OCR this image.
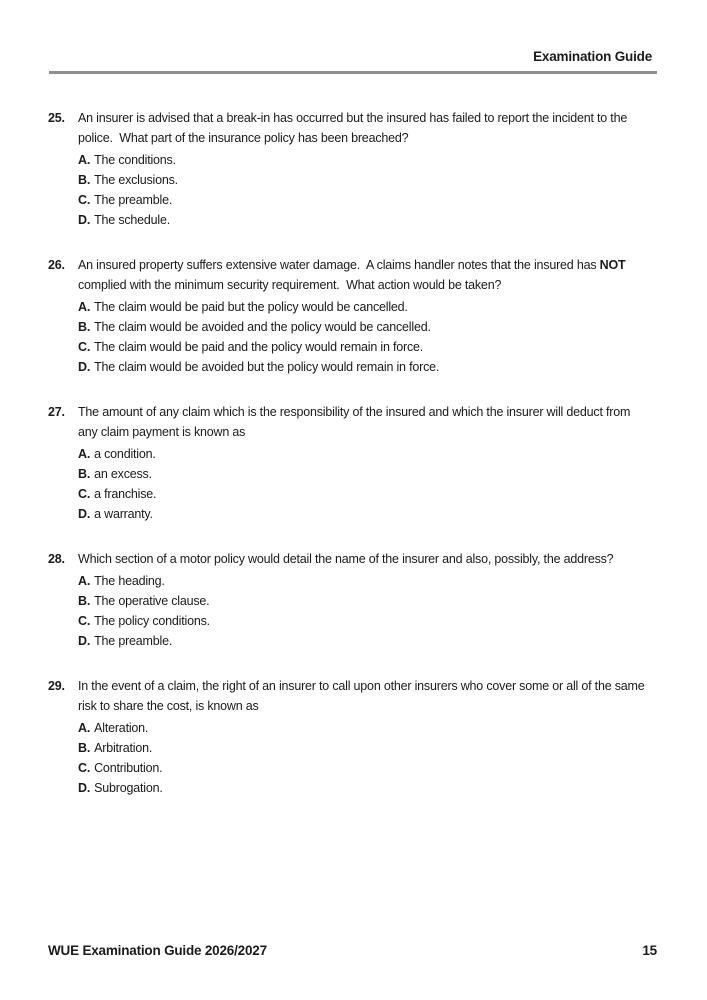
Examination Guide
25.	An insurer is advised that a break-in has occurred but the insured has failed to report the incident to the police.  What part of the insurance policy has been breached?
A. The conditions.
B. The exclusions.
C. The preamble.
D. The schedule.
26.	An insured property suffers extensive water damage.  A claims handler notes that the insured has NOT complied with the minimum security requirement.  What action would be taken?
A. The claim would be paid but the policy would be cancelled.
B. The claim would be avoided and the policy would be cancelled.
C. The claim would be paid and the policy would remain in force.
D. The claim would be avoided but the policy would remain in force.
27.	The amount of any claim which is the responsibility of the insured and which the insurer will deduct from any claim payment is known as
A. a condition.
B. an excess.
C. a franchise.
D. a warranty.
28.	Which section of a motor policy would detail the name of the insurer and also, possibly, the address?
A. The heading.
B. The operative clause.
C. The policy conditions.
D. The preamble.
29.	In the event of a claim, the right of an insurer to call upon other insurers who cover some or all of the same risk to share the cost, is known as
A. Alteration.
B. Arbitration.
C. Contribution.
D. Subrogation.
WUE Examination Guide 2026/2027	15
